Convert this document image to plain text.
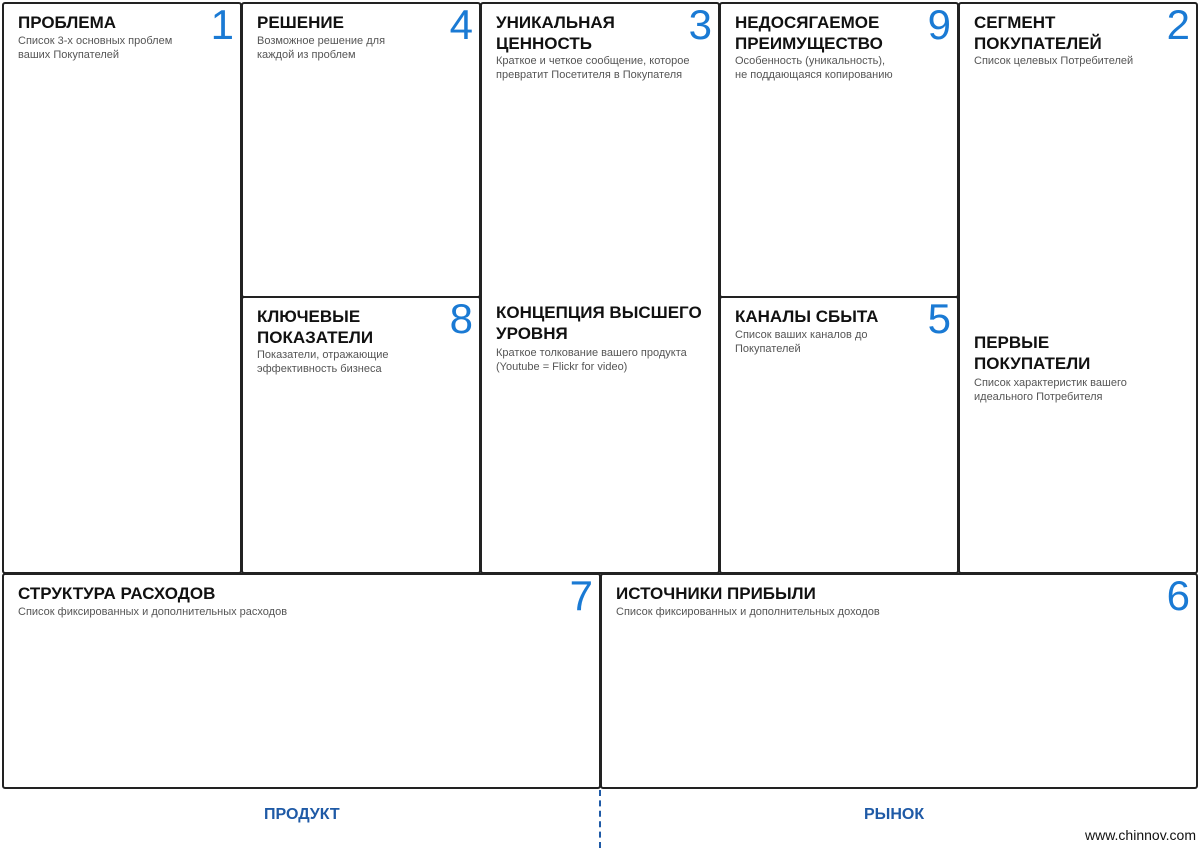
ПРОБЛЕМА
Список 3-х основных проблем
ваших Покупателей
1 РЕШЕНИЕ
Возможное решение для
каждой из проблем
4
КЛЮЧЕВЫЕ
ПОКАЗАТЕЛИ
Показатели, отражающие
эффективность бизнеса
8
УНИКАЛЬНАЯ
ЦЕННОСТЬ
Краткое и четкое сообщение, которое
превратит Посетителя в Покупателя
3
КОНЦЕПЦИЯ ВЫСШЕГО
УРОВНЯ
Краткое толкование вашего продукта
(Youtube = Flickr for video)
НЕДОСЯГАЕМОЕ
ПРЕИМУЩЕСТВО
Особенность (уникальность),
не поддающаяся копированию
9
КАНАЛЫ СБЫТА
Список ваших каналов до
Покупателей
5
СЕГМЕНТ
ПОКУПАТЕЛЕЙ
Список целевых Потребителей
2
ПЕРВЫЕ
ПОКУПАТЕЛИ
Список характеристик вашего
идеального Потребителя
СТРУКТУРА РАСХОДОВ
Список фиксированных и дополнительных расходов	7 ИСТОЧНИКИ ПРИБЫЛИ
Список фиксированных и дополнительных доходов	6
ПРОДУКТ	РЫНОК
www.chinnov.com
